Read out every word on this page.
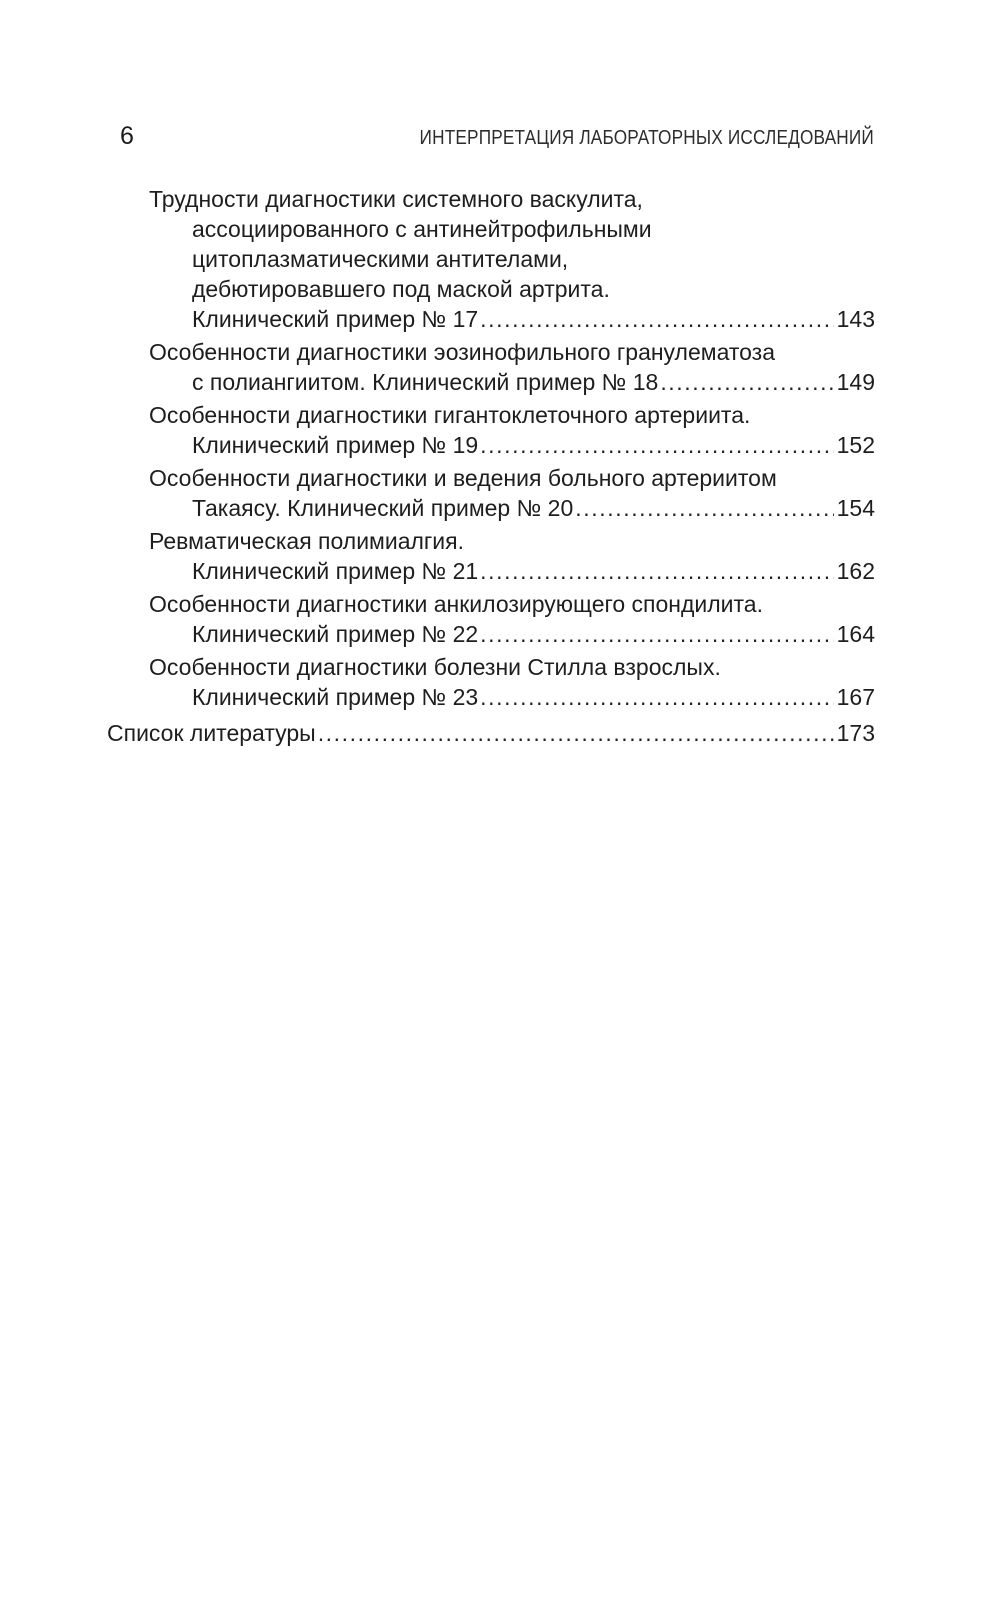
6	ИНТЕРПРЕТАЦИЯ ЛАБОРАТОРНЫХ ИССЛЕДОВАНИЙ
Трудности диагностики системного васкулита,
ассоциированного с антинейтрофильными
цитоплазматическими антителами,
дебютировавшего под маской артрита.
Клинический пример № 17 .....	143
Особенности диагностики эозинофильного гранулематоза
с полиангиитом. Клинический пример № 18 .....	149
Особенности диагностики гигантоклеточного артериита.
Клинический пример № 19 .....	152
Особенности диагностики и ведения больного артериитом
Такаясу. Клинический пример № 20 .....	154
Ревматическая полимиалгия.
Клинический пример № 21 .....	162
Особенности диагностики анкилозирующего спондилита.
Клинический пример № 22 .....	164
Особенности диагностики болезни Стилла взрослых.
Клинический пример № 23 .....	167
Список литературы .....	173
